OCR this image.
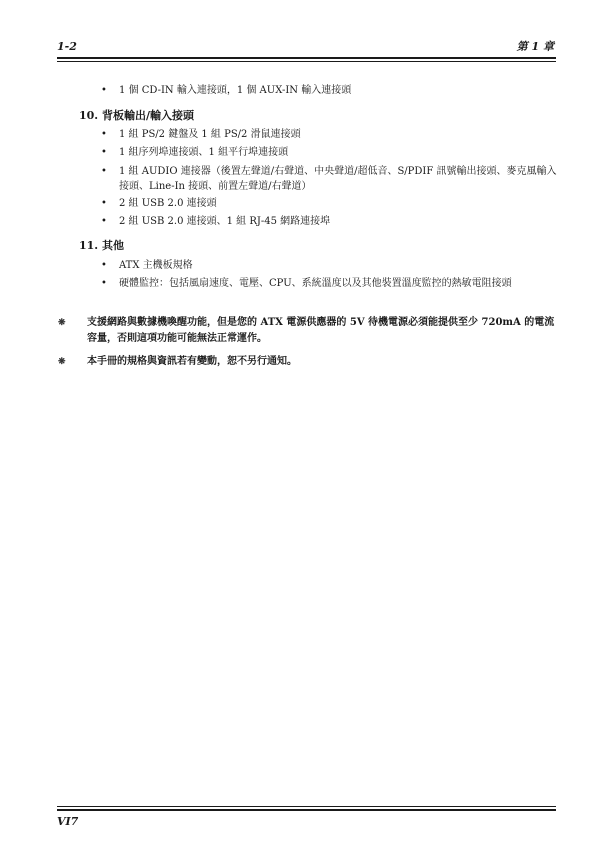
1-2	第 1 章
• 1 個 CD-IN 輸入連接頭，1 個 AUX-IN 輸入連接頭
10. 背板輸出/輸入接頭
• 1 組 PS/2 鍵盤及 1 組 PS/2 滑鼠連接頭
• 1 組序列埠連接頭、1 組平行埠連接頭
• 1 組 AUDIO 連接器（後置左聲道/右聲道、中央聲道/超低音、S/PDIF 訊號輸出接頭、麥克風輸入接頭、Line-In 接頭、前置左聲道/右聲道）
• 2 組 USB 2.0 連接頭
• 2 組 USB 2.0 連接頭、1 組 RJ-45 網路連接埠
11. 其他
• ATX 主機板規格
• 硬體監控：包括風扇速度、電壓、CPU、系統溫度以及其他裝置溫度監控的熱敏電阻接頭
❋ 支援網路與數據機喚醒功能，但是您的 ATX 電源供應器的 5V 待機電源必須能提供至少 720mA 的電流容量，否則這項功能可能無法正常運作。
❋ 本手冊的規格與資訊若有變動，恕不另行通知。
VI7
